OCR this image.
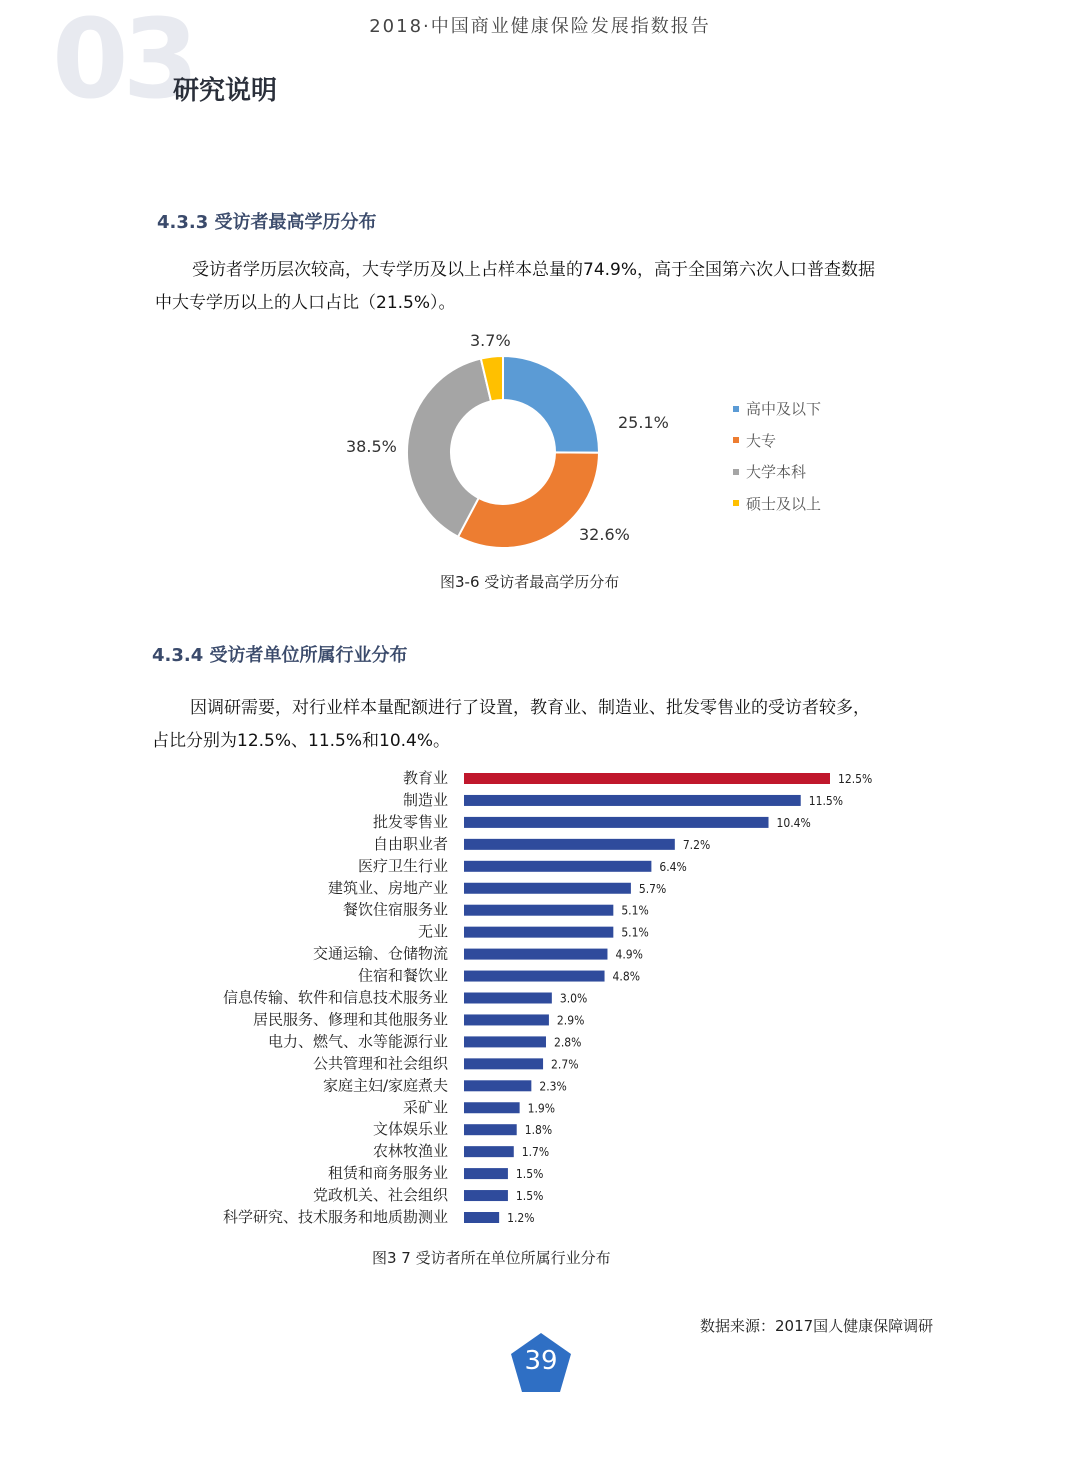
2018·中国商业健康保险发展指数报告
03
研究说明
4.3.3 受访者最高学历分布
受访者学历层次较高，大专学历及以上占样本总量的74.9%，高于全国第六次人口普查数据
中大专学历以上的人口占比（21.5%）。
25.1%
32.6%
38.5%
3.7%
高中及以下
大专
大学本科
硕士及以上
图3-6 受访者最高学历分布
4.3.4 受访者单位所属行业分布
因调研需要，对行业样本量配额进行了设置，教育业、制造业、批发零售业的受访者较多，
占比分别为12.5%、11.5%和10.4%。
教育业	12.5%
制造业	11.5%
批发零售业	10.4%
自由职业者	7.2%
医疗卫生行业	6.4%
建筑业、房地产业	5.7%
餐饮住宿服务业	5.1%
无业	5.1%
交通运输、仓储物流	4.9%
住宿和餐饮业	4.8%
信息传输、软件和信息技术服务业	3.0%
居民服务、修理和其他服务业	2.9%
电力、燃气、水等能源行业	2.8%
公共管理和社会组织	2.7%
家庭主妇/家庭煮夫	2.3%
采矿业	1.9%
文体娱乐业	1.8%
农林牧渔业	1.7%
租赁和商务服务业	1.5%
党政机关、社会组织	1.5%
科学研究、技术服务和地质勘测业	1.2%
图3 7 受访者所在单位所属行业分布
数据来源：2017国人健康保障调研
39
